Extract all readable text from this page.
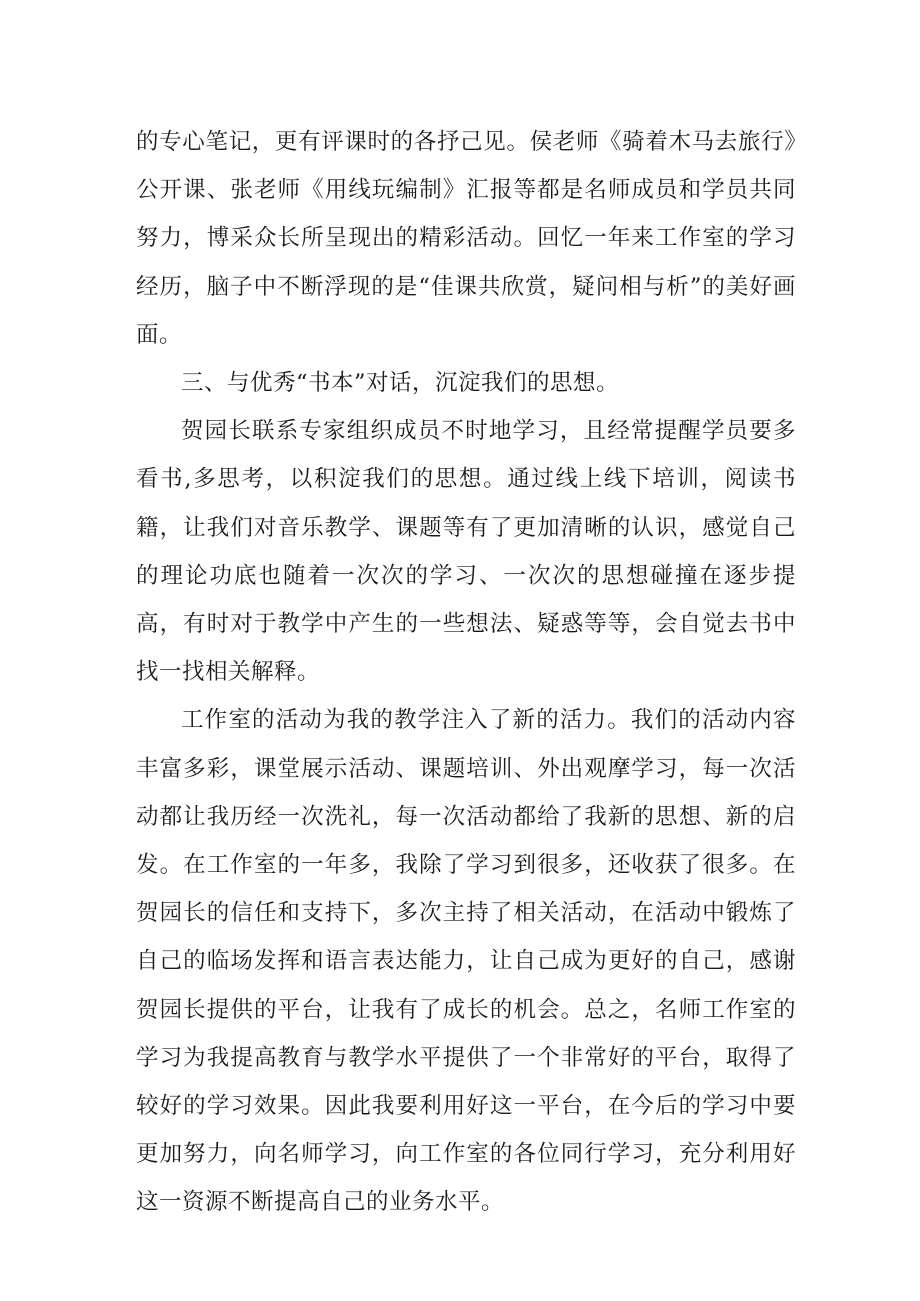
的专心笔记，更有评课时的各抒己见。侯老师《骑着木马去旅行》公开课、张老师《用线玩编制》汇报等都是名师成员和学员共同努力，博采众长所呈现出的精彩活动。回忆一年来工作室的学习经历，脑子中不断浮现的是“佳课共欣赏，疑问相与析”的美好画面。

三、与优秀“书本”对话，沉淀我们的思想。

贺园长联系专家组织成员不时地学习，且经常提醒学员要多看书,多思考，以积淀我们的思想。通过线上线下培训，阅读书籍，让我们对音乐教学、课题等有了更加清晰的认识，感觉自己的理论功底也随着一次次的学习、一次次的思想碰撞在逐步提高，有时对于教学中产生的一些想法、疑惑等等，会自觉去书中找一找相关解释。

工作室的活动为我的教学注入了新的活力。我们的活动内容丰富多彩，课堂展示活动、课题培训、外出观摩学习，每一次活动都让我历经一次洗礼，每一次活动都给了我新的思想、新的启发。在工作室的一年多，我除了学习到很多，还收获了很多。在贺园长的信任和支持下，多次主持了相关活动，在活动中锻炼了自己的临场发挥和语言表达能力，让自己成为更好的自己，感谢贺园长提供的平台，让我有了成长的机会。总之，名师工作室的学习为我提高教育与教学水平提供了一个非常好的平台，取得了较好的学习效果。因此我要利用好这一平台，在今后的学习中要更加努力，向名师学习，向工作室的各位同行学习，充分利用好这一资源不断提高自己的业务水平。
